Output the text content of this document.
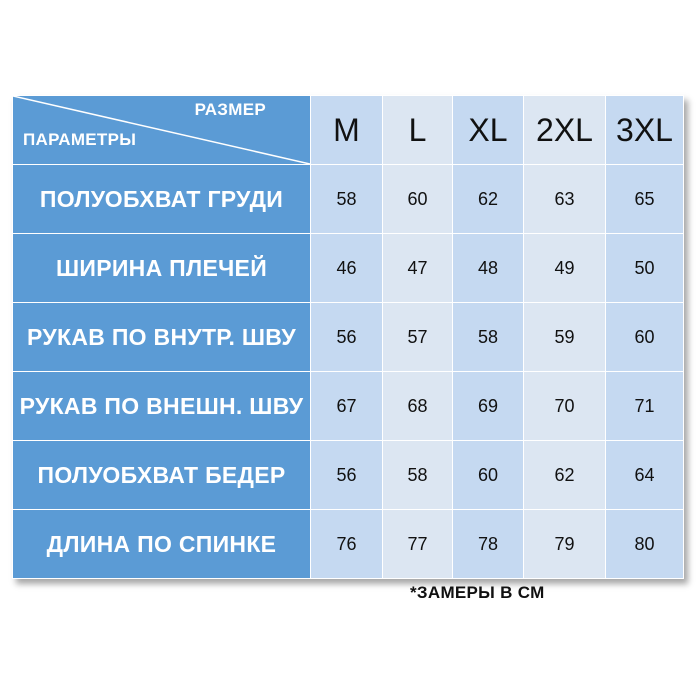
РАЗМЕР
ПАРАМЕТРЫ	M	L	XL	2XL	3XL
ПОЛУОБХВАТ ГРУДИ	58	60	62	63	65
ШИРИНА ПЛЕЧЕЙ	46	47	48	49	50
РУКАВ ПО ВНУТР. ШВУ	56	57	58	59	60
РУКАВ ПО ВНЕШН. ШВУ	67	68	69	70	71
ПОЛУОБХВАТ БЕДЕР	56	58	60	62	64
ДЛИНА ПО СПИНКЕ	76	77	78	79	80
*ЗАМЕРЫ В СМ
